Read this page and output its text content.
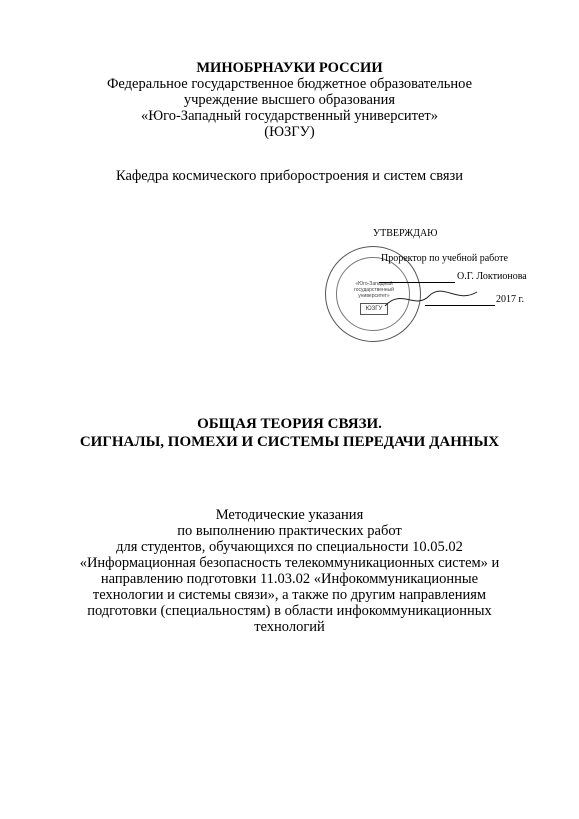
МИНОБРНАУКИ РОССИИ
Федеральное государственное бюджетное образовательное
учреждение высшего образования
«Юго-Западный государственный университет»
(ЮЗГУ)
Кафедра космического приборостроения и систем связи
«Юго-Западный государственный университет»
ЮЗГУ
УТВЕРЖДАЮ
Проректор по учебной работе
О.Г. Локтионова
2017 г.
ОБЩАЯ ТЕОРИЯ СВЯЗИ.
СИГНАЛЫ, ПОМЕХИ И СИСТЕМЫ ПЕРЕДАЧИ ДАННЫХ
Методические указания
по выполнению практических работ
для студентов, обучающихся по специальности 10.05.02
«Информационная безопасность телекоммуникационных систем» и
направлению подготовки 11.03.02 «Инфокоммуникационные
технологии и системы связи», а также по другим направлениям
подготовки (специальностям) в области инфокоммуникационных
технологий
